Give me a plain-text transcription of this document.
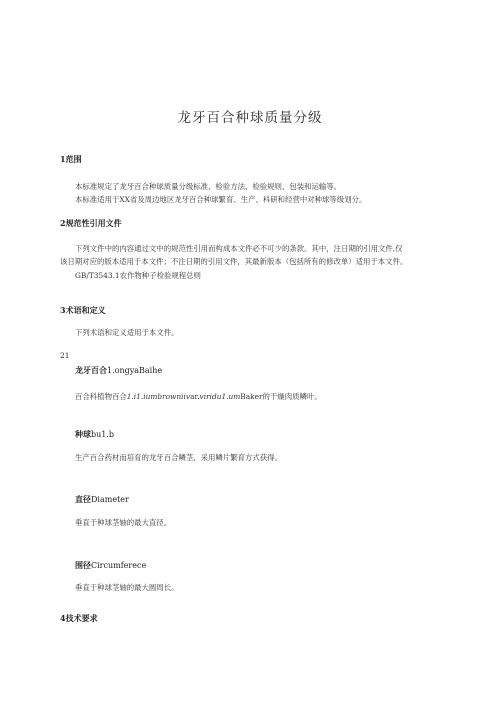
龙牙百合种球质量分级
1范围
本标准规定了龙牙百合种球质量分级标准、检验方法、检验规则、包装和运输等。
本标准适用于XX省及周边地区龙牙百合种球繁育、生产、科研和经营中对种球等级划分。
2规范性引用文件
下列文件中的内容通过文中的规范性引用而构成本文件必不可少的条款。其中，注日期的引用文件,仅
该日期对应的版本适用于本文件；不注日期的引用文件，其最新版本（包括所有的修改单）适用于本文件。
GB/T3543.1农作物种子检验规程总则
3术语和定义
下列术语和定义适用于本文件。
21
龙牙百合1.ongyaBaihe
百合科植物百合1.i1.iumbrowniivar.viridu1.umBaker的干燥肉质鳞叶。
种球bu1.b
生产百合药材而培育的龙牙百合鳞茎，采用鳞片繁育方式获得。
直径Diameter
垂直于种球茎轴的最大直径。
围径Circumferece
垂直于种球茎轴的最大圆周长。
4技术要求
